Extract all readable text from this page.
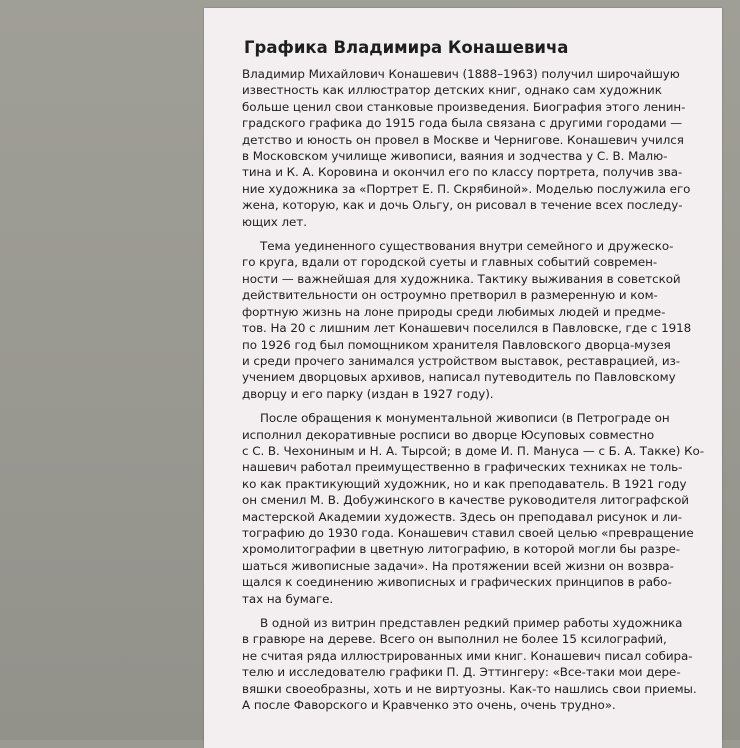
Графика Владимира Конашевича

Владимир Михайлович Конашевич (1888–1963) получил широчайшую
известность как иллюстратор детских книг, однако сам художник
больше ценил свои станковые произведения. Биография этого ленин-
градского графика до 1915 года была связана с другими городами —
детство и юность он провел в Москве и Чернигове. Конашевич учился
в Московском училище живописи, ваяния и зодчества у С. В. Малю-
тина и К. А. Коровина и окончил его по классу портрета, получив зва-
ние художника за «Портрет Е. П. Скрябиной». Моделью послужила его
жена, которую, как и дочь Ольгу, он рисовал в течение всех последу-
ющих лет.

Тема уединенного существования внутри семейного и дружеско-
го круга, вдали от городской суеты и главных событий современ-
ности — важнейшая для художника. Тактику выживания в советской
действительности он остроумно претворил в размеренную и ком-
фортную жизнь на лоне природы среди любимых людей и предме-
тов. На 20 с лишним лет Конашевич поселился в Павловске, где с 1918
по 1926 год был помощником хранителя Павловского дворца-музея
и среди прочего занимался устройством выставок, реставрацией, из-
учением дворцовых архивов, написал путеводитель по Павловскому
дворцу и его парку (издан в 1927 году).

После обращения к монументальной живописи (в Петрограде он
исполнил декоративные росписи во дворце Юсуповых совместно
с С. В. Чехониным и Н. А. Тырсой; в доме И. П. Мануса — с Б. А. Такке) Ко-
нашевич работал преимущественно в графических техниках не толь-
ко как практикующий художник, но и как преподаватель. В 1921 году
он сменил М. В. Добужинского в качестве руководителя литографской
мастерской Академии художеств. Здесь он преподавал рисунок и ли-
тографию до 1930 года. Конашевич ставил своей целью «превращение
хромолитографии в цветную литографию, в которой могли бы разре-
шаться живописные задачи». На протяжении всей жизни он возвра-
щался к соединению живописных и графических принципов в рабо-
тах на бумаге.

В одной из витрин представлен редкий пример работы художника
в гравюре на дереве. Всего он выполнил не более 15 ксилографий,
не считая ряда иллюстрированных ими книг. Конашевич писал собира-
телю и исследователю графики П. Д. Эттингеру: «Все-таки мои дере-
вяшки своеобразны, хоть и не виртуозны. Как-то нашлись свои приемы.
А после Фаворского и Кравченко это очень, очень трудно».
